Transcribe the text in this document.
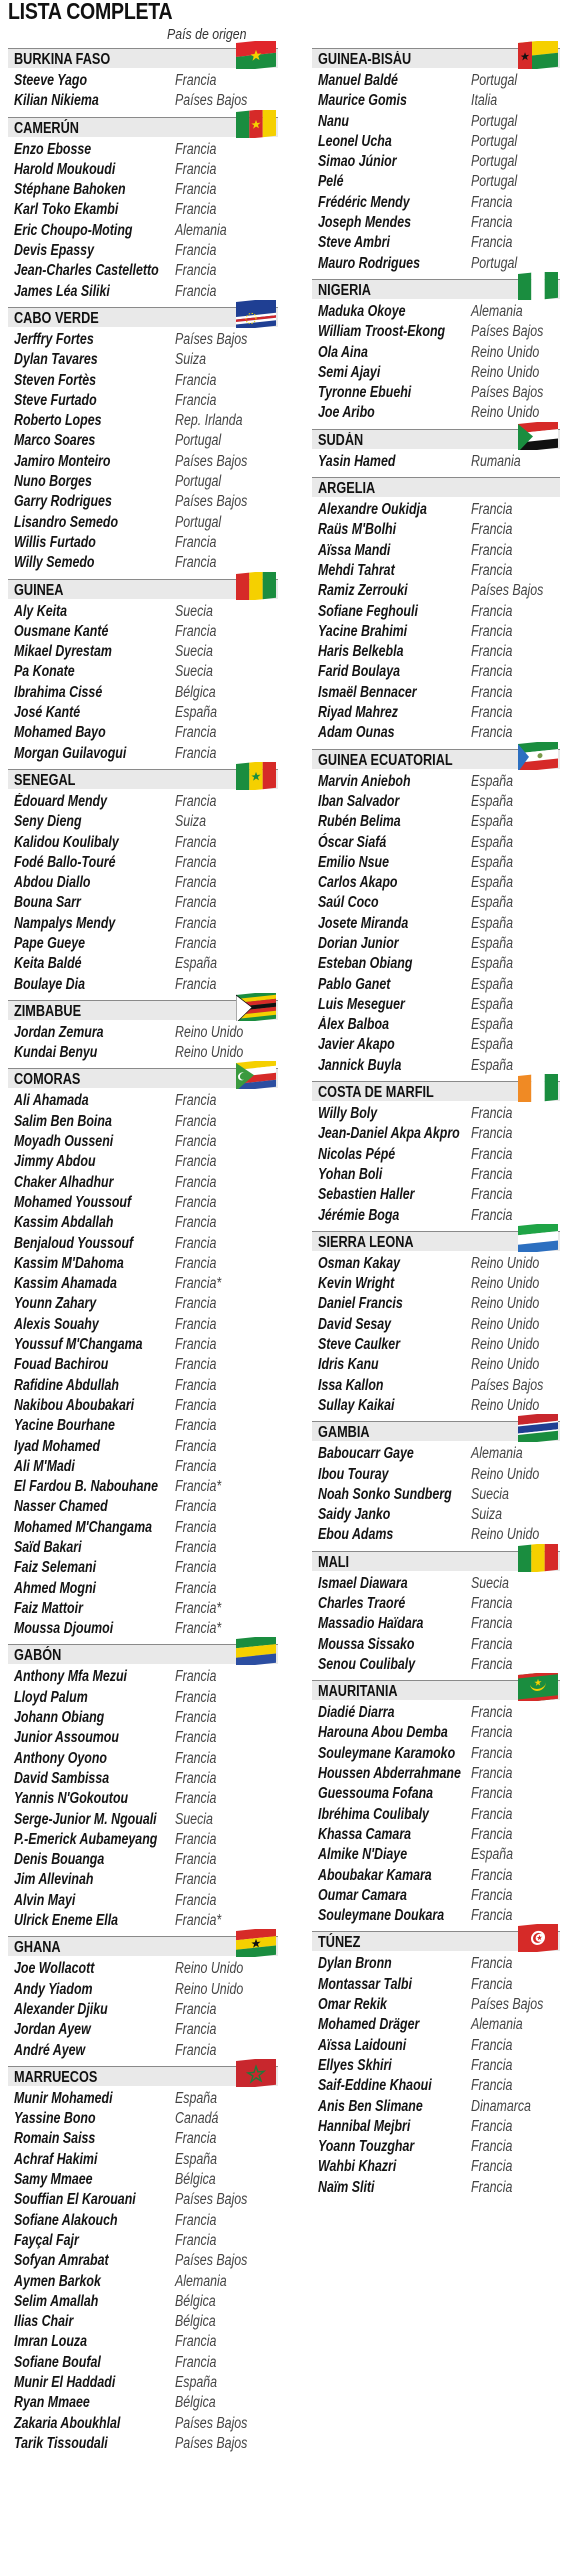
LISTA COMPLETA
País de origen
BURKINA FASO
Steeve Yago	Francia
Kilian Nikiema	Países Bajos
CAMERÚN
Enzo Ebosse	Francia
Harold Moukoudi	Francia
Stéphane Bahoken	Francia
Karl Toko Ekambi	Francia
Eric Choupo-Moting	Alemania
Devis Epassy	Francia
Jean-Charles Castelletto Francia
James Léa Siliki	Francia
CABO VERDE
Jerffry Fortes	Países Bajos
Dylan Tavares	Suiza
Steven Fortès	Francia
Steve Furtado	Francia
Roberto Lopes	Rep. Irlanda
Marco Soares	Portugal
Jamiro Monteiro	Países Bajos
Nuno Borges	Portugal
Garry Rodrigues	Países Bajos
Lisandro Semedo	Portugal
Willis Furtado	Francia
Willy Semedo	Francia
GUINEA
Aly Keita	Suecia
Ousmane Kanté	Francia
Mikael Dyrestam	Suecia
Pa Konate	Suecia
Ibrahima Cissé	Bélgica
José Kanté	España
Mohamed Bayo	Francia
Morgan Guilavogui	Francia
SENEGAL
Édouard Mendy	Francia
Seny Dieng	Suiza
Kalidou Koulibaly	Francia
Fodé Ballo-Touré	Francia
Abdou Diallo	Francia
Bouna Sarr	Francia
Nampalys Mendy	Francia
Pape Gueye	Francia
Keita Baldé	España
Boulaye Dia	Francia
ZIMBABUE
Jordan Zemura	Reino Unido
Kundai Benyu	Reino Unido
COMORAS
Ali Ahamada	Francia
Salim Ben Boina	Francia
Moyadh Ousseni	Francia
Jimmy Abdou	Francia
Chaker Alhadhur	Francia
Mohamed Youssouf	Francia
Kassim Abdallah	Francia
Benjaloud Youssouf	Francia
Kassim M'Dahoma	Francia
Kassim Ahamada	Francia*
Younn Zahary	Francia
Alexis Souahy	Francia
Youssuf M'Changama Francia
Fouad Bachirou	Francia
Rafidine Abdullah	Francia
Nakibou Aboubakari	Francia
Yacine Bourhane	Francia
Iyad Mohamed	Francia
Ali M'Madi	Francia
El Fardou B. Nabouhane Francia*
Nasser Chamed	Francia
Mohamed M'Changama Francia
Saïd Bakari	Francia
Faiz Selemani	Francia
Ahmed Mogni	Francia
Faiz Mattoir	Francia*
Moussa Djoumoi	Francia*
GABÓN
Anthony Mfa Mezui	Francia
Lloyd Palum	Francia
Johann Obiang	Francia
Junior Assoumou	Francia
Anthony Oyono	Francia
David Sambissa	Francia
Yannis N'Gokoutou	Francia
Serge-Junior M. Ngouali Suecia
P.-Emerick Aubameyang Francia
Denis Bouanga	Francia
Jim Allevinah	Francia
Alvin Mayi	Francia
Ulrick Eneme Ella	Francia*
GHANA
Joe Wollacott	Reino Unido
Andy Yiadom	Reino Unido
Alexander Djiku	Francia
Jordan Ayew	Francia
André Ayew	Francia
MARRUECOS
Munir Mohamedi	España
Yassine Bono	Canadá
Romain Saiss	Francia
Achraf Hakimi	España
Samy Mmaee	Bélgica
Souffian El Karouani	Países Bajos
Sofiane Alakouch	Francia
Fayçal Fajr	Francia
Sofyan Amrabat	Países Bajos
Aymen Barkok	Alemania
Selim Amallah	Bélgica
Ilias Chair	Bélgica
Imran Louza	Francia
Sofiane Boufal	Francia
Munir El Haddadi	España
Ryan Mmaee	Bélgica
Zakaria Aboukhlal	Países Bajos
Tarik Tissoudali	Países Bajos
GUINEA-BISÁU
Manuel Baldé	Portugal
Maurice Gomis	Italia
Nanu	Portugal
Leonel Ucha	Portugal
Simao Júnior	Portugal
Pelé	Portugal
Frédéric Mendy	Francia
Joseph Mendes	Francia
Steve Ambri	Francia
Mauro Rodrigues	Portugal
NIGERIA
Maduka Okoye	Alemania
William Troost-Ekong Países Bajos
Ola Aina	Reino Unido
Semi Ajayi	Reino Unido
Tyronne Ebuehi	Países Bajos
Joe Aribo	Reino Unido
SUDÁN
Yasin Hamed	Rumania
ARGELIA
Alexandre Oukidja	Francia
Raüs M'Bolhi	Francia
Aïssa Mandi	Francia
Mehdi Tahrat	Francia
Ramiz Zerrouki	Países Bajos
Sofiane Feghouli	Francia
Yacine Brahimi	Francia
Haris Belkebla	Francia
Farid Boulaya	Francia
Ismaël Bennacer	Francia
Riyad Mahrez	Francia
Adam Ounas	Francia
GUINEA ECUATORIAL
Marvin Anieboh	España
Iban Salvador	España
Rubén Belima	España
Óscar Siafá	España
Emilio Nsue	España
Carlos Akapo	España
Saúl Coco	España
Josete Miranda	España
Dorian Junior	España
Esteban Obiang	España
Pablo Ganet	España
Luis Meseguer	España
Álex Balboa	España
Javier Akapo	España
Jannick Buyla	España
COSTA DE MARFIL
Willy Boly	Francia
Jean-Daniel Akpa Akpro Francia
Nicolas Pépé	Francia
Yohan Boli	Francia
Sebastien Haller	Francia
Jérémie Boga	Francia
SIERRA LEONA
Osman Kakay	Reino Unido
Kevin Wright	Reino Unido
Daniel Francis	Reino Unido
David Sesay	Reino Unido
Steve Caulker	Reino Unido
Idris Kanu	Reino Unido
Issa Kallon	Países Bajos
Sullay Kaikai	Reino Unido
GAMBIA
Baboucarr Gaye	Alemania
Ibou Touray	Reino Unido
Noah Sonko Sundberg Suecia
Saidy Janko	Suiza
Ebou Adams	Reino Unido
MALI
Ismael Diawara	Suecia
Charles Traoré	Francia
Massadio Haïdara	Francia
Moussa Sissako	Francia
Senou Coulibaly	Francia
MAURITANIA
Diadié Diarra	Francia
Harouna Abou Demba Francia
Souleymane Karamoko Francia
Houssen Abderrahmane Francia
Guessouma Fofana Francia
Ibréhima Coulibaly	Francia
Khassa Camara	Francia
Almike N'Diaye	España
Aboubakar Kamara	Francia
Oumar Camara	Francia
Souleymane Doukara Francia
TÚNEZ
Dylan Bronn	Francia
Montassar Talbi	Francia
Omar Rekik	Países Bajos
Mohamed Dräger	Alemania
Aïssa Laidouni	Francia
Ellyes Skhiri	Francia
Saif-Eddine Khaoui	Francia
Anis Ben Slimane	Dinamarca
Hannibal Mejbri	Francia
Yoann Touzghar	Francia
Wahbi Khazri	Francia
Naïm Sliti	Francia
